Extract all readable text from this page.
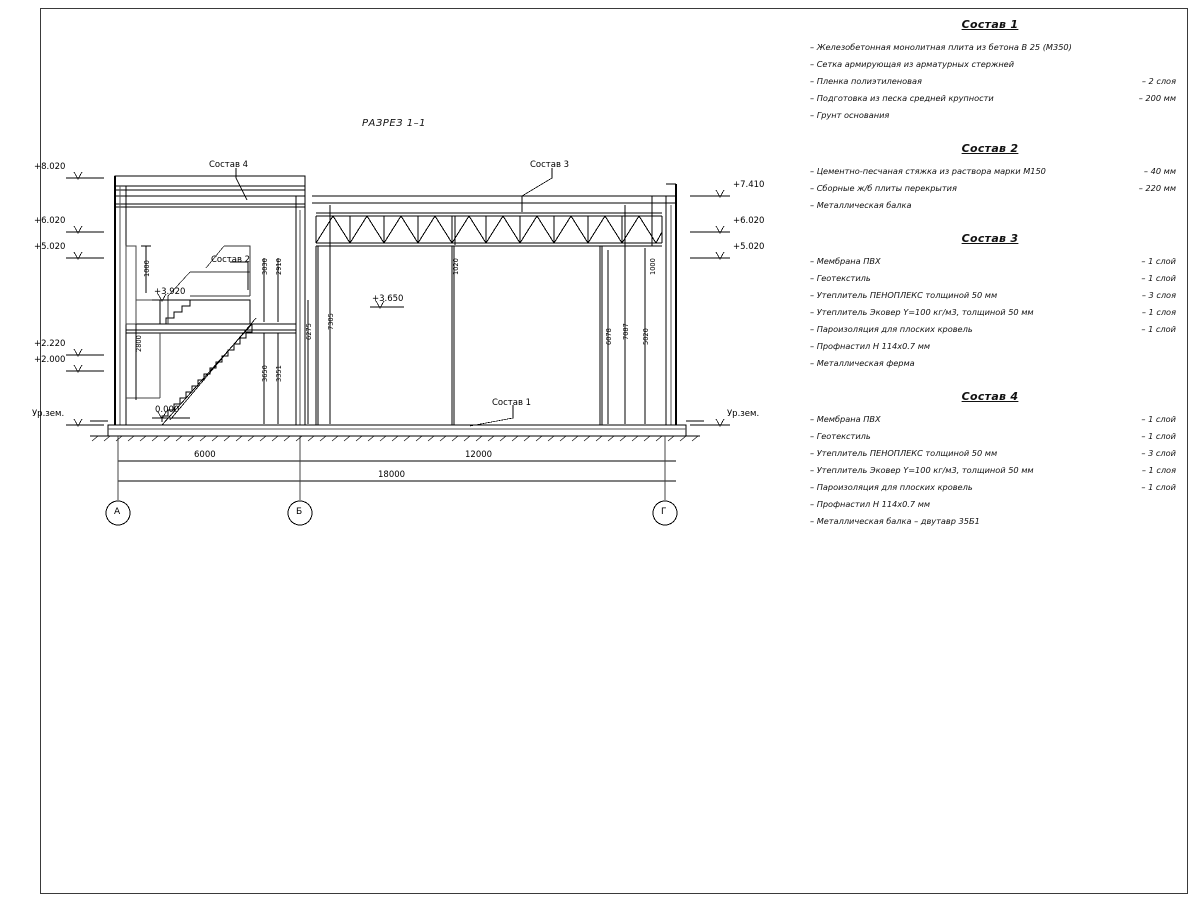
РАЗРЕЗ 1–1
Состав 4	Состав 3
Состав 2
Состав 1
+8.020
+6.020
+5.020
+2.220
+2.000
Ур.зем.
+7.410
+6.020
+5.020
Ур.зем.
+3.920
+3.650
0.000
1000
2800
3030 2910
3650 3351
6275
7305
1020
6078 7087 5020
1000
6000	12000
18000
А	Б	Г
Состав 1
– Железобетонная монолитная плита из бетона В 25 (М350)
– Сетка армирующая из арматурных стержней
– Пленка полиэтиленовая	– 2 слоя
– Подготовка из песка средней крупности	– 200 мм
– Грунт основания
Состав 2
– Цементно-песчаная стяжка из раствора марки М150	– 40 мм
– Сборные ж/б плиты перекрытия	– 220 мм
– Металлическая балка
Состав 3
– Мембрана ПВХ	– 1 слой
– Геотекстиль	– 1 слой
– Утеплитель ПЕНОПЛЕКС толщиной 50 мм	– 3 слоя
– Утеплитель Эковер Y=100 кг/м3, толщиной 50 мм	– 1 слоя
– Пароизоляция для плоских кровель	– 1 слой
– Профнастил Н 114х0.7 мм
– Металлическая ферма
Состав 4
– Мембрана ПВХ	– 1 слой
– Геотекстиль	– 1 слой
– Утеплитель ПЕНОПЛЕКС толщиной 50 мм	– 3 слой
– Утеплитель Эковер Y=100 кг/м3, толщиной 50 мм	– 1 слоя
– Пароизоляция для плоских кровель	– 1 слой
– Профнастил Н 114х0.7 мм
– Металлическая балка – двутавр 35Б1
